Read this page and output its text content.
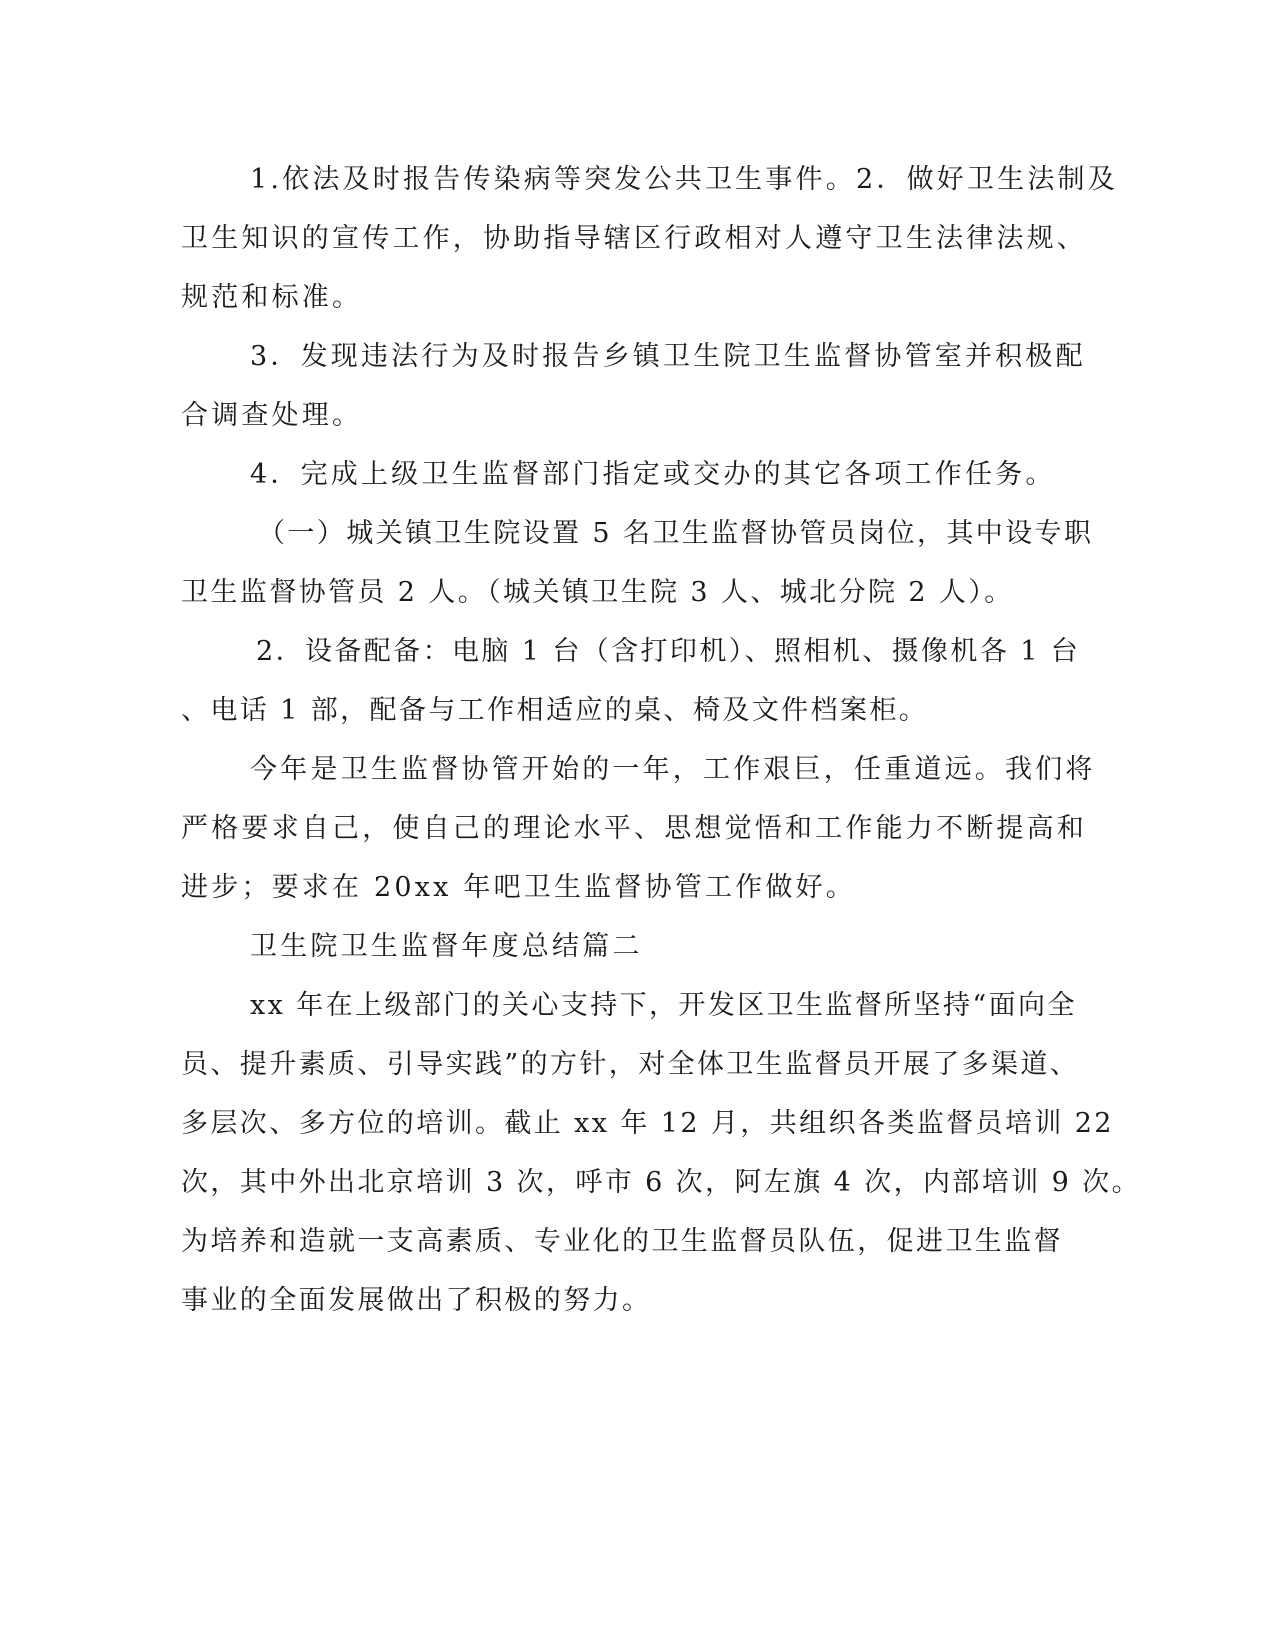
1.依法及时报告传染病等突发公共卫生事件。2．做好卫生法制及
卫生知识的宣传工作，协助指导辖区行政相对人遵守卫生法律法规、
规范和标准。
3．发现违法行为及时报告乡镇卫生院卫生监督协管室并积极配
合调查处理。
4．完成上级卫生监督部门指定或交办的其它各项工作任务。
（一）城关镇卫生院设置 5 名卫生监督协管员岗位，其中设专职
卫生监督协管员 2 人。（城关镇卫生院 3 人、城北分院 2 人）。
2．设备配备：电脑 1 台（含打印机）、照相机、摄像机各 1 台
、电话 1 部，配备与工作相适应的桌、椅及文件档案柜。
今年是卫生监督协管开始的一年，工作艰巨，任重道远。我们将
严格要求自己，使自己的理论水平、思想觉悟和工作能力不断提高和
进步；要求在 20xx 年吧卫生监督协管工作做好。
卫生院卫生监督年度总结篇二
xx 年在上级部门的关心支持下，开发区卫生监督所坚持“面向全
员、提升素质、引导实践”的方针，对全体卫生监督员开展了多渠道、
多层次、多方位的培训。截止 xx 年 12 月，共组织各类监督员培训 22
次，其中外出北京培训 3 次，呼市 6 次，阿左旗 4 次，内部培训 9 次。
为培养和造就一支高素质、专业化的卫生监督员队伍，促进卫生监督
事业的全面发展做出了积极的努力。
